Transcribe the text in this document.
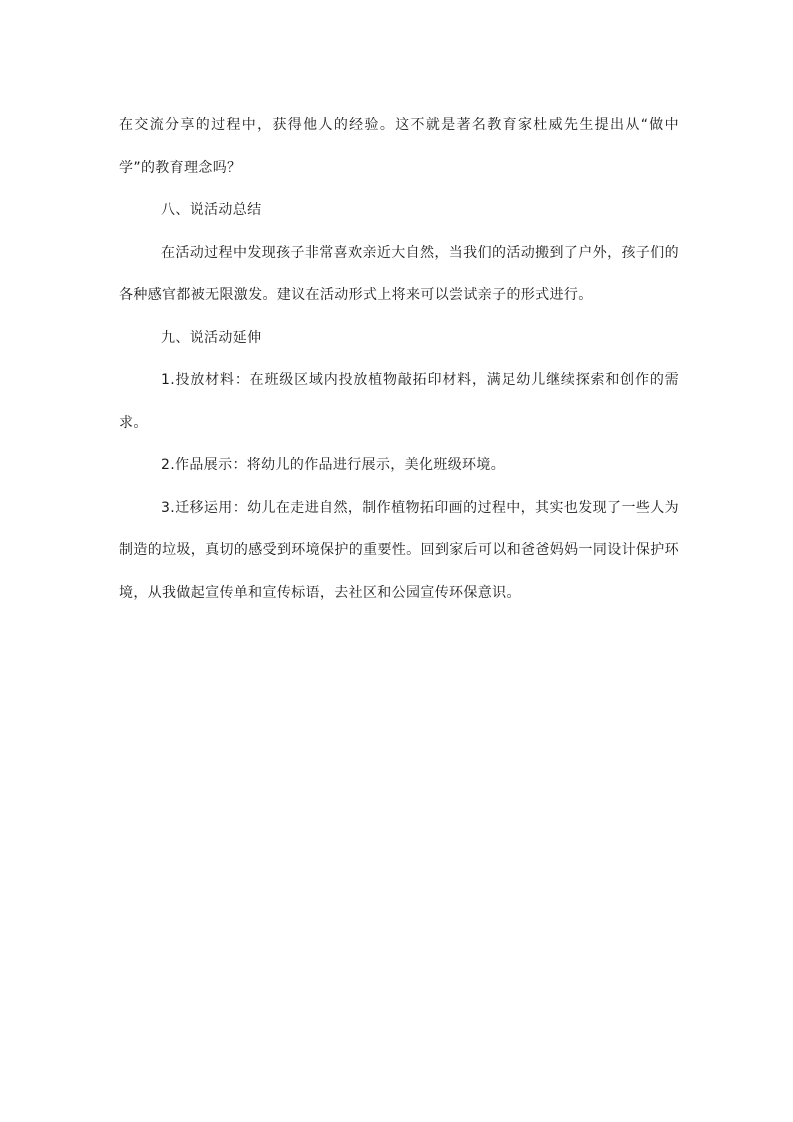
在交流分享的过程中，获得他人的经验。这不就是著名教育家杜威先生提出从“做中学”的教育理念吗？

八、说活动总结

在活动过程中发现孩子非常喜欢亲近大自然，当我们的活动搬到了户外，孩子们的各种感官都被无限激发。建议在活动形式上将来可以尝试亲子的形式进行。

九、说活动延伸

1.投放材料：在班级区域内投放植物敲拓印材料，满足幼儿继续探索和创作的需求。

2.作品展示：将幼儿的作品进行展示，美化班级环境。

3.迁移运用：幼儿在走进自然，制作植物拓印画的过程中，其实也发现了一些人为制造的垃圾，真切的感受到环境保护的重要性。回到家后可以和爸爸妈妈一同设计保护环境，从我做起宣传单和宣传标语，去社区和公园宣传环保意识。
